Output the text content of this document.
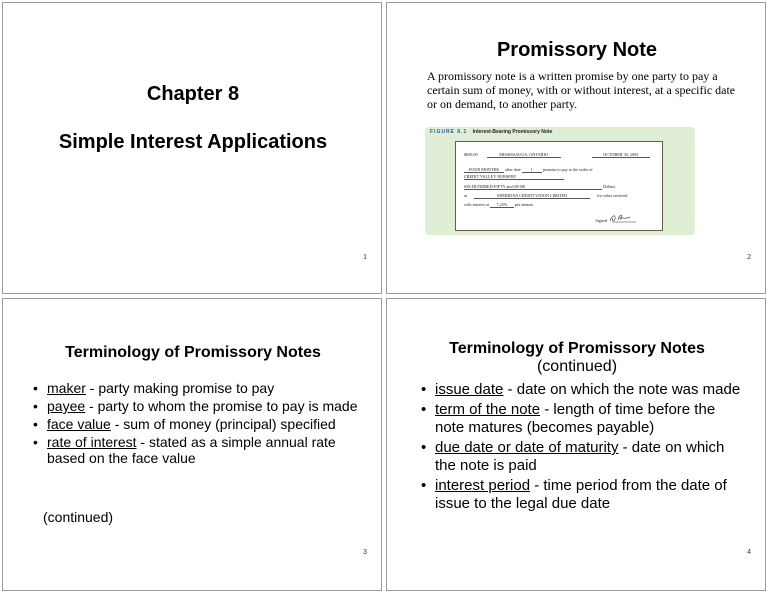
Chapter 8
Simple Interest Applications
1
Promissory Note
A promissory note is a written promise by one party to pay a certain sum of money, with or without interest, at a specific date or on demand, to another party.
FIGURE 8.1 Interest-Bearing Promissory Note
$650.00	MISSISSAUGA, ONTARIO	OCTOBER 30, 2003
FOUR MONTHS after date I promise to pay to the order of
CREDIT VALLEY NURSERY
SIX-HUNDRED-FIFTY and 00/100	Dollars
at	SHERIDAN CREDIT UNION LIMITED	for value received
with interest at 7.25% per annum.
Signed
2
Terminology of Promissory Notes
• maker - party making promise to pay
• payee - party to whom the promise to pay is made
• face value - sum of money (principal) specified
• rate of interest - stated as a simple annual rate based on the face value
(continued)
3
Terminology of Promissory Notes
(continued)
• issue date - date on which the note was made
• term of the note - length of time before the note matures (becomes payable)
• due date or date of maturity - date on which the note is paid
• interest period - time period from the date of issue to the legal due date
4
